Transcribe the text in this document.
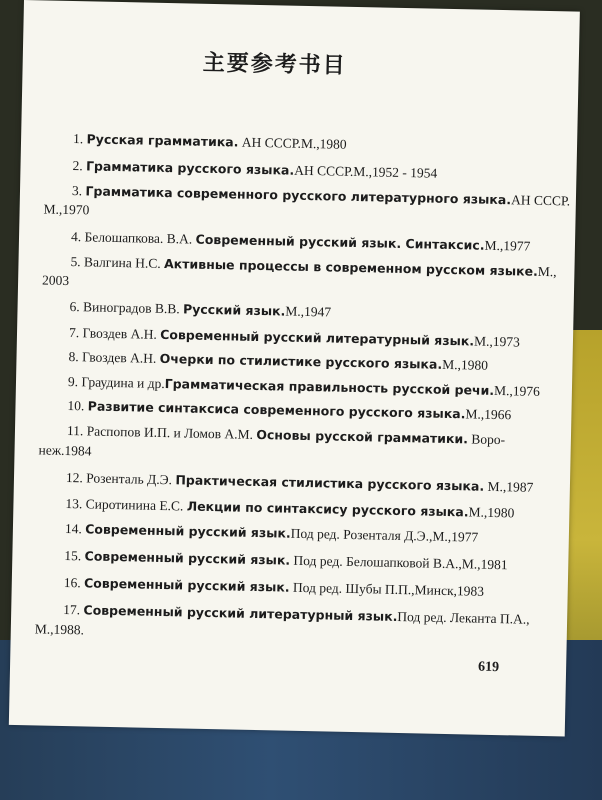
主要参考书目
1. Русская грамматика. АН СССР.М.,1980
2. Грамматика русского языка.АН СССР.М.,1952 - 1954
3. Грамматика современного русского литературного языка.АН СССР.
М.,1970
4. Белошапкова. В.А. Современный русский язык. Синтаксис.М.,1977
5. Валгина Н.С. Активные процессы в современном русском языке.М.,
2003
6. Виноградов В.В. Русский язык.М.,1947
7. Гвоздев А.Н. Современный русский литературный язык.М.,1973
8. Гвоздев А.Н. Очерки по стилистике русского языка.М.,1980
9. Граудина и др.Грамматическая правильность русской речи.М.,1976
10. Развитие синтаксиса современного русского языка.М.,1966
11. Распопов И.П. и Ломов А.М. Основы русской грамматики. Воро-
неж.1984
12. Розенталь Д.Э. Практическая стилистика русского языка. М.,1987
13. Сиротинина Е.С. Лекции по синтаксису русского языка.М.,1980
14. Современный русский язык.Под ред. Розенталя Д.Э.,М.,1977
15. Современный русский язык. Под ред. Белошапковой В.А.,М.,1981
16. Современный русский язык. Под ред. Шубы П.П.,Минск,1983
17. Современный русский литературный язык.Под ред. Леканта П.А.,
М.,1988.
619
